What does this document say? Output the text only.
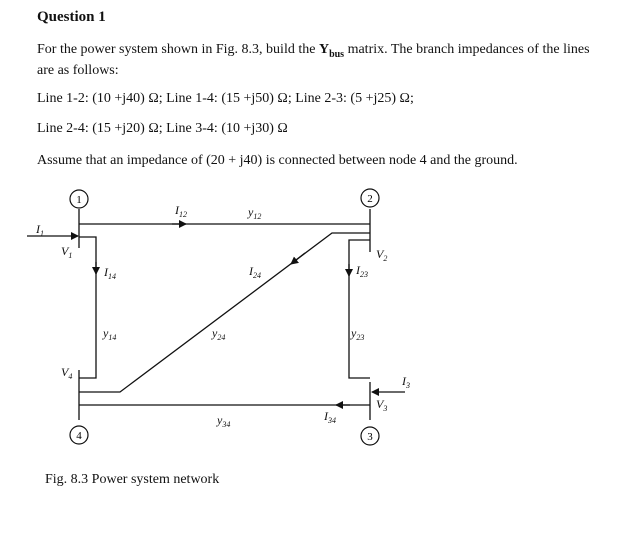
Question 1
For the power system shown in Fig. 8.3, build the $Y_{bus}$ matrix. The branch impedances of the lines are as follows:
Line 1-2: (10 +j40) Ω; Line 1-4: (15 +j50) Ω; Line 2-3: (5 +j25) Ω;
Line 2-4: (15 +j20) Ω; Line 3-4: (10 +j30) Ω
Assume that an impedance of (20 + j40) is connected between node 4 and the ground.
1	2
3
4
$I_1$
$V_1$	$V_2$
$V_3$
$V_4$	$I_3$
$I_{12}$	$y_{12}$
$I_{14}$
$y_{14}$
$I_{24}$
$y_{24}$
$I_{23}$
$y_{23}$
$I_{34}$
$y_{34}$
Fig. 8.3 Power system network
